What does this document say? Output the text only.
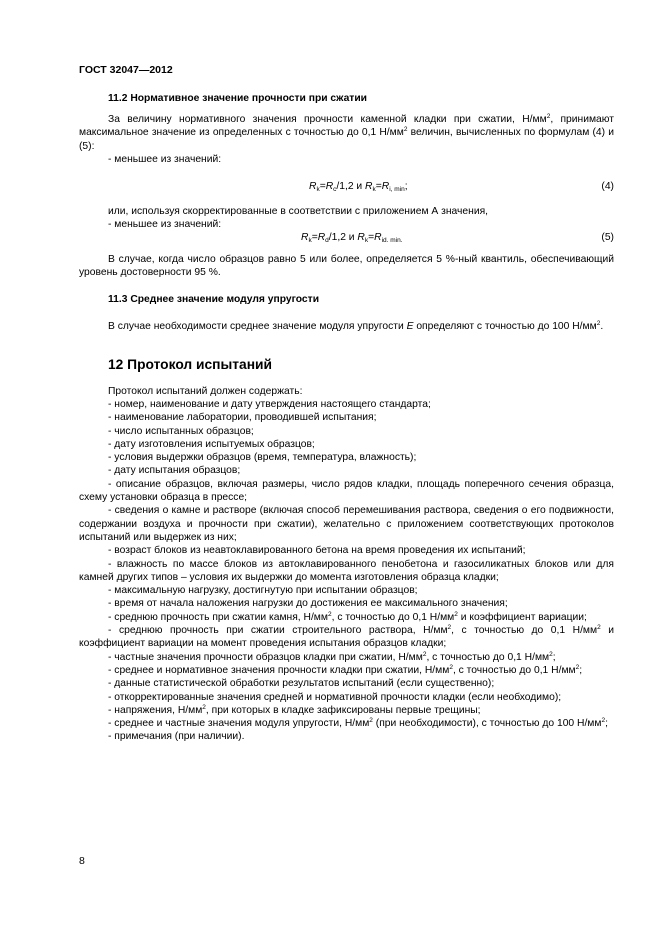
ГОСТ 32047—2012
11.2 Нормативное значение прочности при сжатии
За величину нормативного значения прочности каменной кладки при сжатии, $Н/мм^2$, принимают максимальное значение из определенных с точностью до 0,1 $Н/мм^2$ величин, вычисленных по формулам (4) и (5):
- меньшее из значений:
$R_k=R_c/1,2$ и $R_k=R_{i, min}$;	(4)
или, используя скорректированные в соответствии с приложением А значения,
- меньшее из значений:
$R_k=R_d/1,2$ и $R_k=R_{id. min.}$	(5)
В случае, когда число образцов равно 5 или более, определяется 5 %-ный квантиль, обеспечивающий уровень достоверности 95 %.
11.3 Среднее значение модуля упругости
В случае необходимости среднее значение модуля упругости E определяют с точностью до 100 $Н/мм^2$.
12 Протокол испытаний
Протокол испытаний должен содержать:
- номер, наименование и дату утверждения настоящего стандарта;
- наименование лаборатории, проводившей испытания;
- число испытанных образцов;
- дату изготовления испытуемых образцов;
- условия выдержки образцов (время, температура, влажность);
- дату испытания образцов;
- описание образцов, включая размеры, число рядов кладки, площадь поперечного сечения образца, схему установки образца в прессе;
- сведения о камне и растворе (включая способ перемешивания раствора, сведения о его подвижности, содержании воздуха и прочности при сжатии), желательно с приложением соответствующих протоколов испытаний или выдержек из них;
- возраст блоков из неавтоклавированного бетона на время проведения их испытаний;
- влажность по массе блоков из автоклавированного пенобетона и газосиликатных блоков или для камней других типов – условия их выдержки до момента изготовления образца кладки;
- максимальную нагрузку, достигнутую при испытании образцов;
- время от начала наложения нагрузки до достижения ее максимального значения;
- среднюю прочность при сжатии камня, $Н/мм^2$, с точностью до 0,1 $Н/мм^2$ и коэффициент вариации;
- среднюю прочность при сжатии строительного раствора, $Н/мм^2$, с точностью до 0,1 $Н/мм^2$ и коэффициент вариации на момент проведения испытания образцов кладки;
- частные значения прочности образцов кладки при сжатии, $Н/мм^2$, с точностью до 0,1 $Н/мм^2$;
- среднее и нормативное значения прочности кладки при сжатии, $Н/мм^2$, с точностью до 0,1 $Н/мм^2$;
- данные статистической обработки результатов испытаний (если существенно);
- откорректированные значения средней и нормативной прочности кладки (если необходимо);
- напряжения, $Н/мм^2$, при которых в кладке зафиксированы первые трещины;
- среднее и частные значения модуля упругости, $Н/мм^2$ (при необходимости), с точностью до 100 $Н/мм^2$;
- примечания (при наличии).
8
